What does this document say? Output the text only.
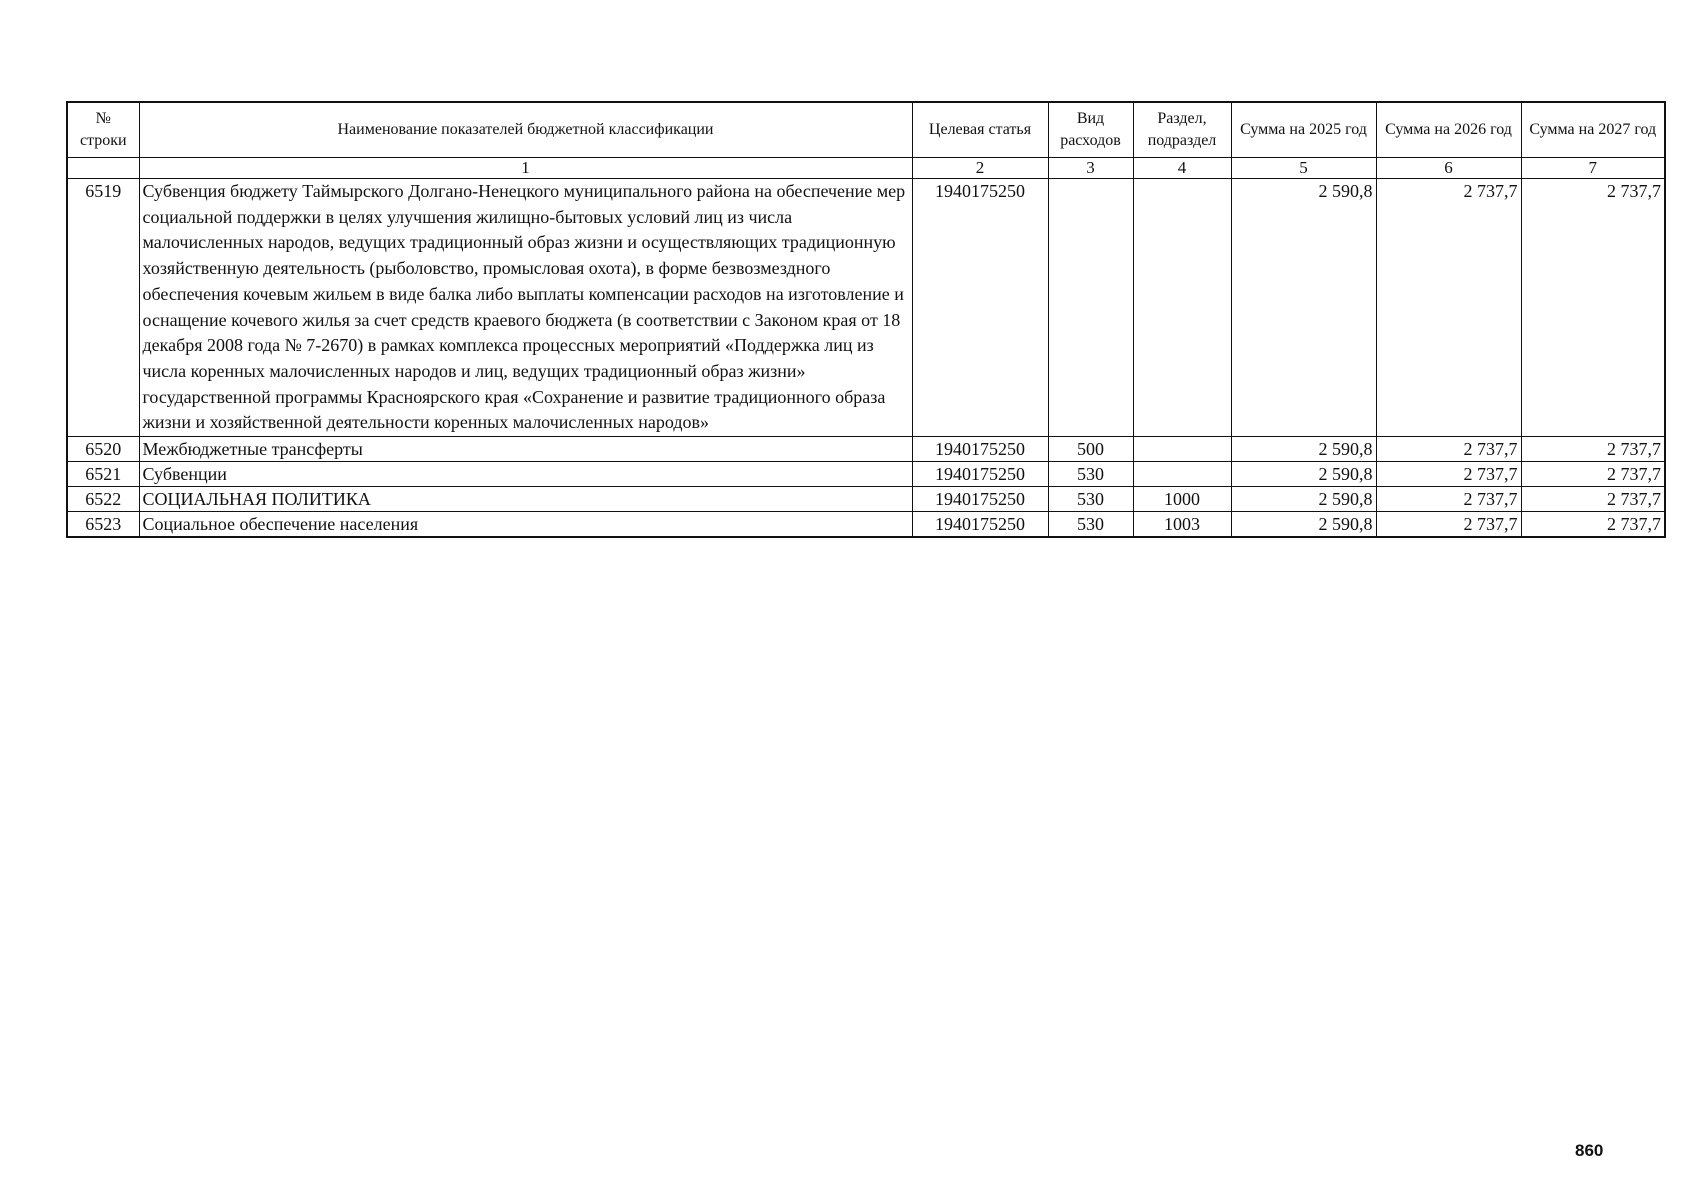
№ строки	Наименование показателей бюджетной классификации	Целевая статья	Вид расходов	Раздел, подраздел	Сумма на 2025 год	Сумма на 2026 год	Сумма на 2027 год
	1	2	3	4	5	6	7
6519	Субвенция бюджету Таймырского Долгано-Ненецкого муниципального района на обеспечение мер социальной поддержки в целях улучшения жилищно-бытовых условий лиц из числа малочисленных народов, ведущих традиционный образ жизни и осуществляющих традиционную хозяйственную деятельность (рыболовство, промысловая охота), в форме безвозмездного обеспечения кочевым жильем в виде балка либо выплаты компенсации расходов на изготовление и оснащение кочевого жилья за счет средств краевого бюджета (в соответствии с Законом края от 18 декабря 2008 года № 7-2670) в рамках комплекса процессных мероприятий «Поддержка лиц из числа коренных малочисленных народов и лиц, ведущих традиционный образ жизни» государственной программы Красноярского края «Сохранение и развитие традиционного образа жизни и хозяйственной деятельности коренных малочисленных народов»	1940175250			2 590,8	2 737,7	2 737,7
6520	Межбюджетные трансферты	1940175250	500		2 590,8	2 737,7	2 737,7
6521	Субвенции	1940175250	530		2 590,8	2 737,7	2 737,7
6522	СОЦИАЛЬНАЯ ПОЛИТИКА	1940175250	530	1000	2 590,8	2 737,7	2 737,7
6523	Социальное обеспечение населения	1940175250	530	1003	2 590,8	2 737,7	2 737,7
860
